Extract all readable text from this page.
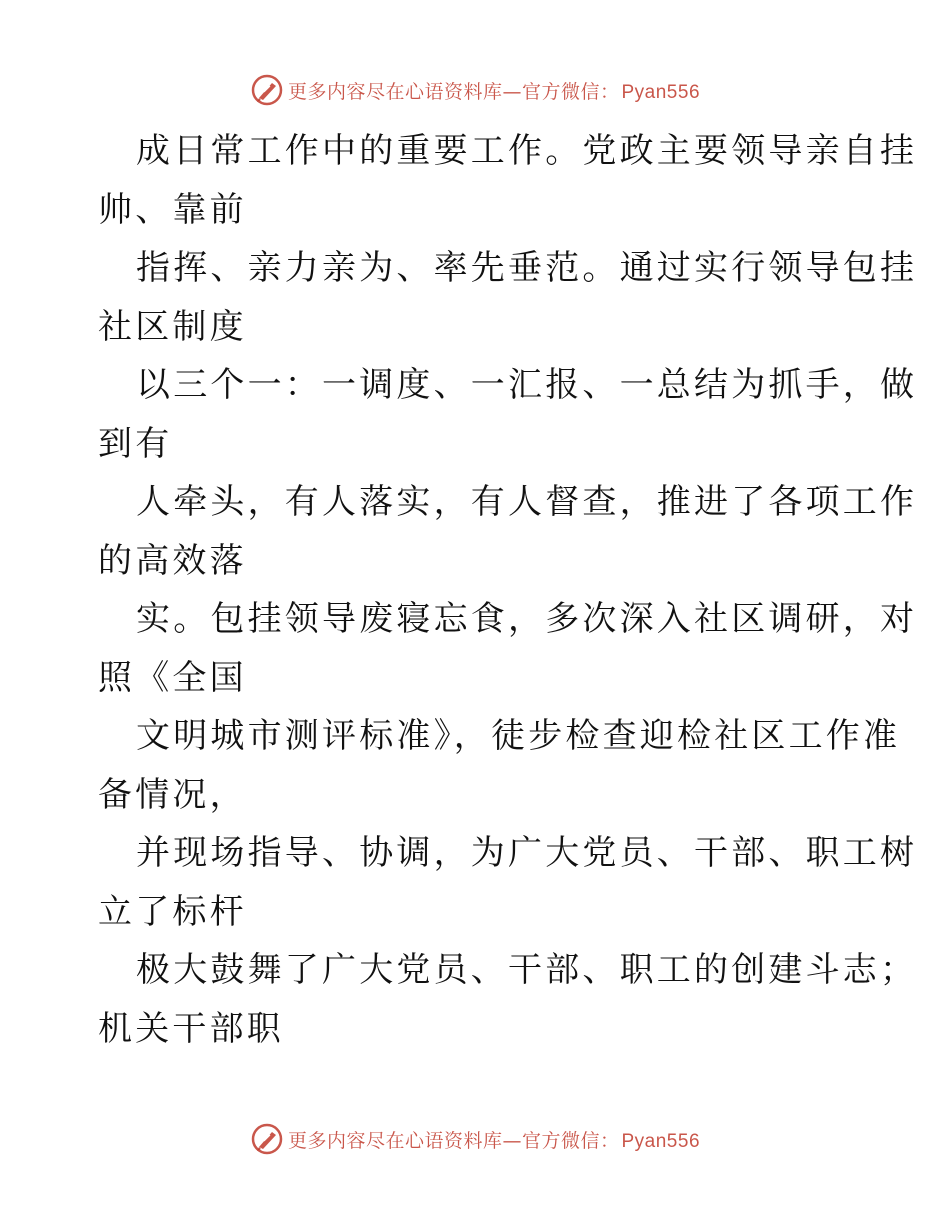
更多内容尽在心语资料库—官方微信： Pyan556
成日常工作中的重要工作。党政主要领导亲自挂
帅、靠前
指挥、亲力亲为、率先垂范。通过实行领导包挂
社区制度
以三个一：一调度、一汇报、一总结为抓手，做
到有
人牵头，有人落实，有人督查，推进了各项工作
的高效落
实。包挂领导废寝忘食，多次深入社区调研，对
照《全国
文明城市测评标准》，徒步检查迎检社区工作准
备情况，
并现场指导、协调，为广大党员、干部、职工树
立了标杆
极大鼓舞了广大党员、干部、职工的创建斗志；
机关干部职
更多内容尽在心语资料库—官方微信： Pyan556
